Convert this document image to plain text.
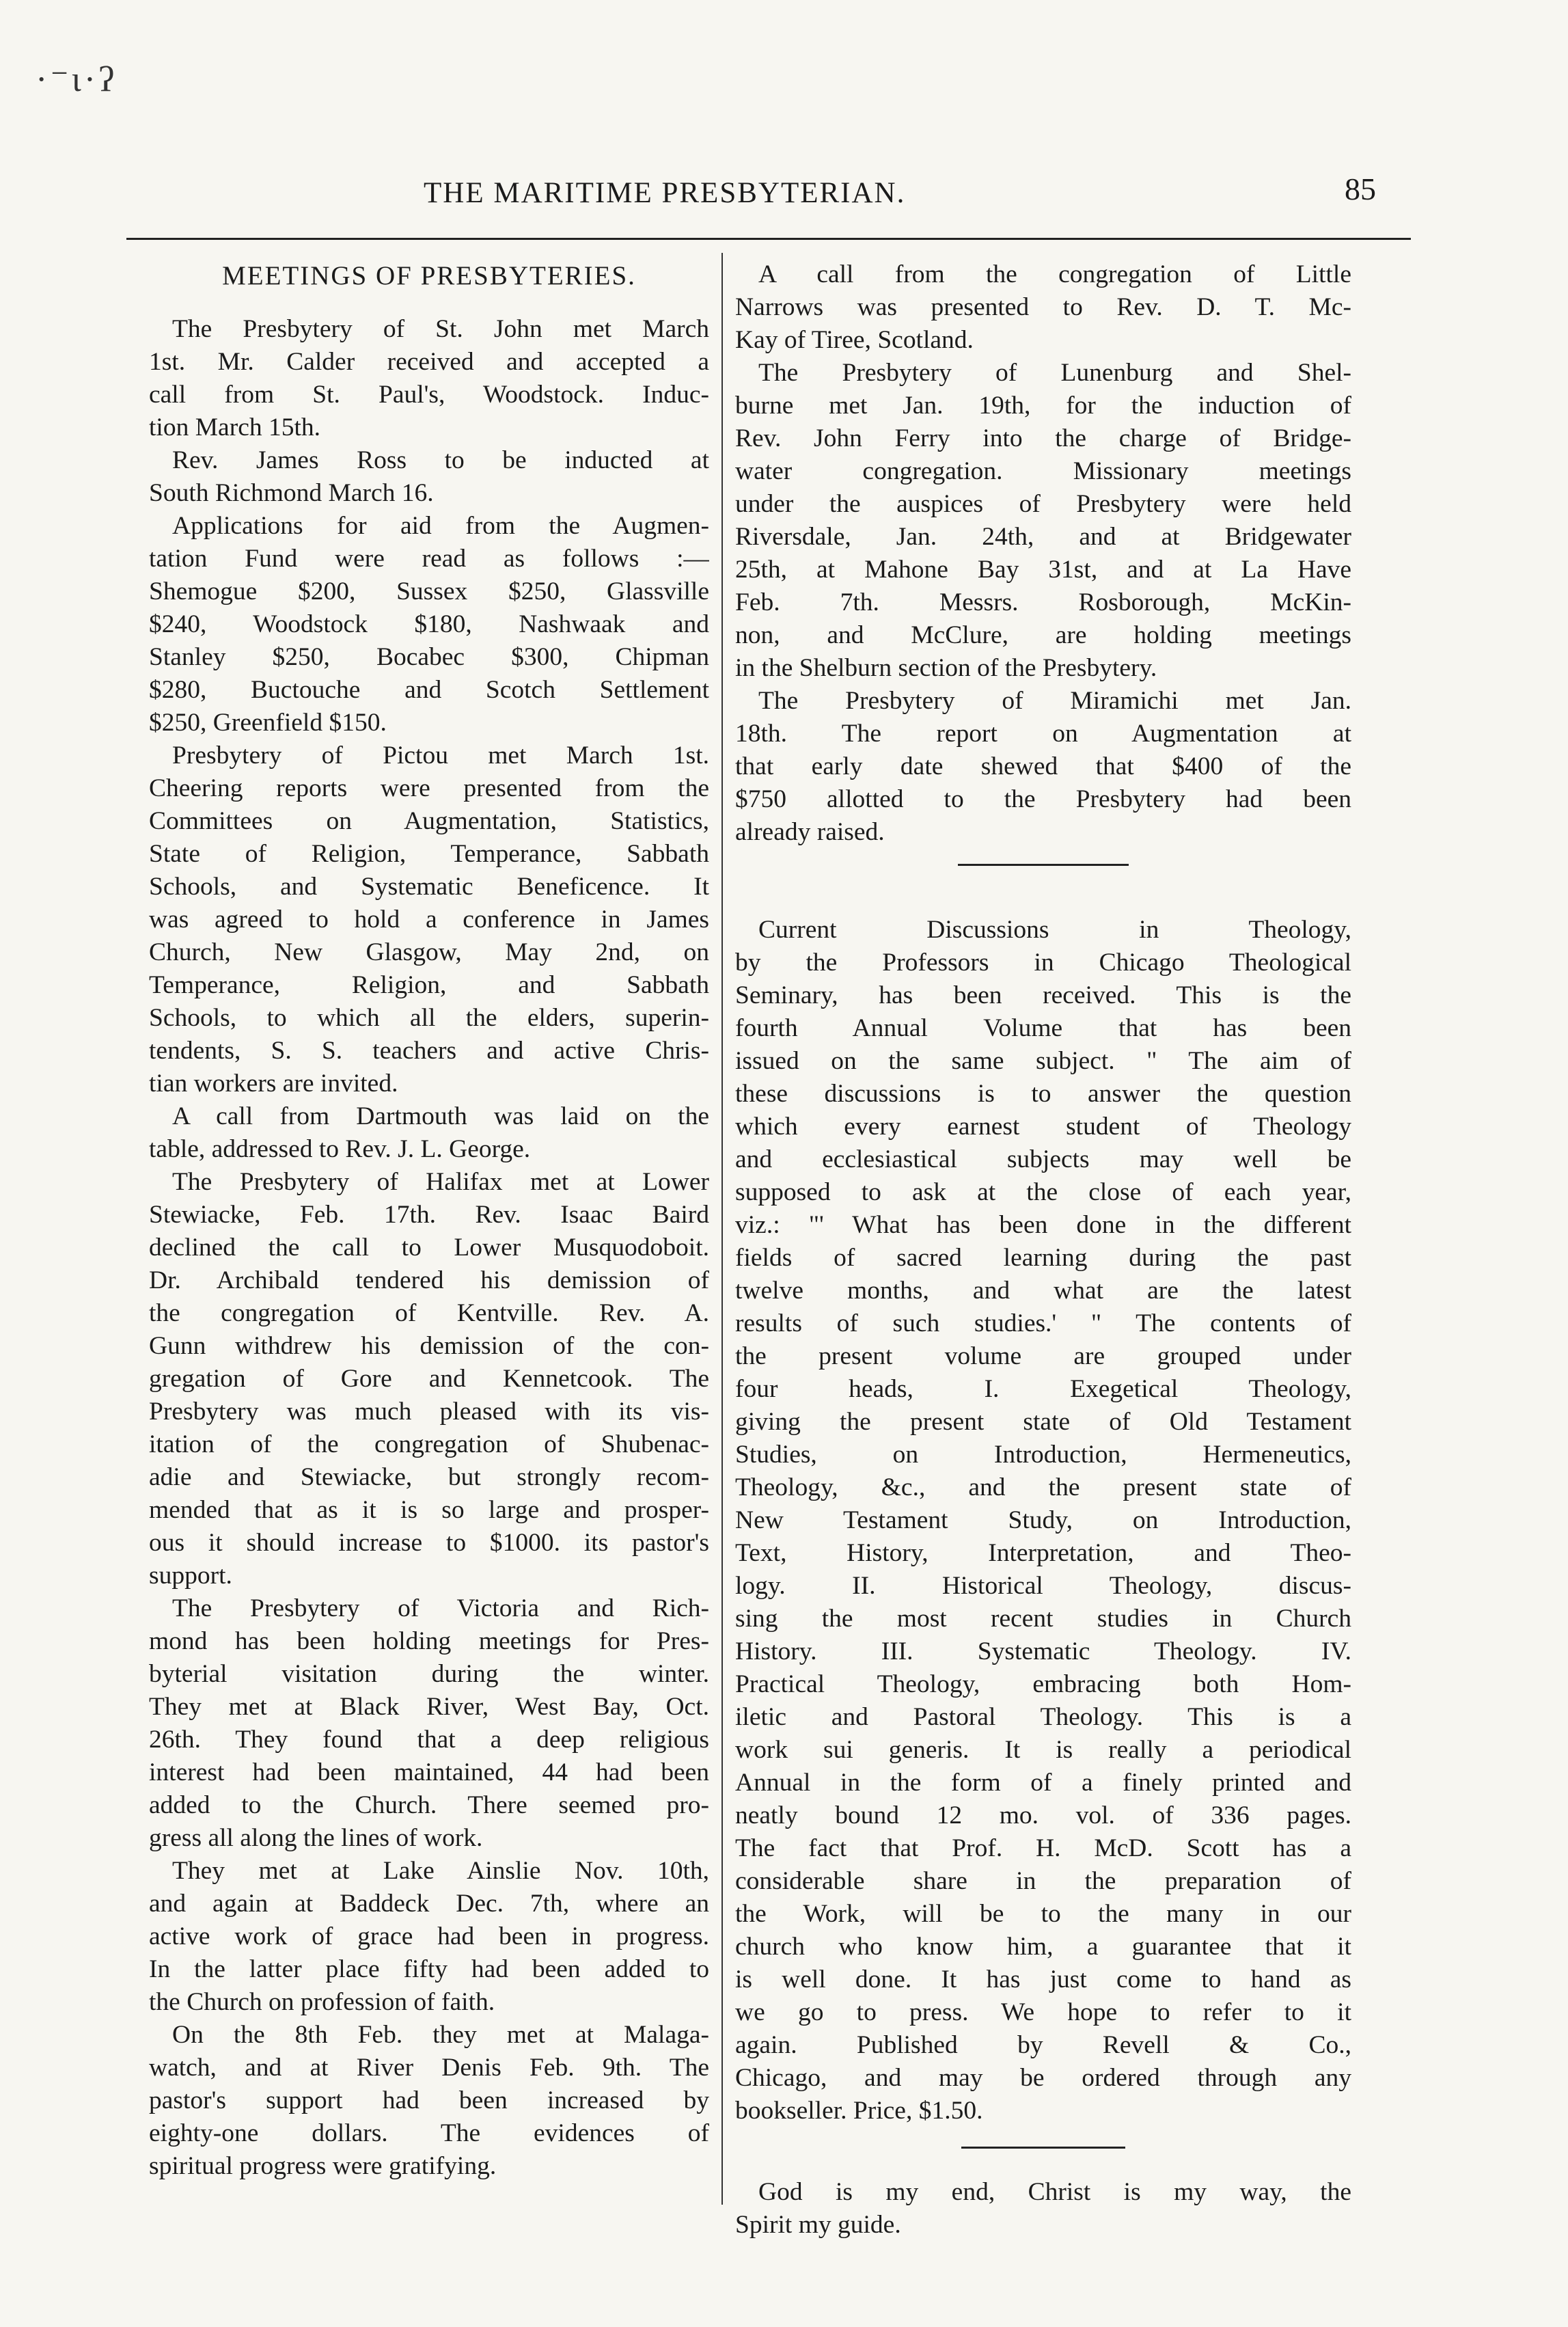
·⁻ι·ʔ
THE MARITIME PRESBYTERIAN.	85
MEETINGS OF PRESBYTERIES.
The Presbytery of St. John met March
1st. Mr. Calder received and accepted a
call from St. Paul's, Woodstock. Induc-
tion March 15th.
Rev. James Ross to be inducted at
South Richmond March 16.
Applications for aid from the Augmen-
tation Fund were read as follows :—
Shemogue $200, Sussex $250, Glassville
$240, Woodstock $180, Nashwaak and
Stanley $250, Bocabec $300, Chipman
$280, Buctouche and Scotch Settlement
$250, Greenfield $150.
Presbytery of Pictou met March 1st.
Cheering reports were presented from the
Committees on Augmentation, Statistics,
State of Religion, Temperance, Sabbath
Schools, and Systematic Beneficence. It
was agreed to hold a conference in James
Church, New Glasgow, May 2nd, on
Temperance, Religion, and Sabbath
Schools, to which all the elders, superin-
tendents, S. S. teachers and active Chris-
tian workers are invited.
A call from Dartmouth was laid on the
table, addressed to Rev. J. L. George.
The Presbytery of Halifax met at Lower
Stewiacke, Feb. 17th. Rev. Isaac Baird
declined the call to Lower Musquodoboit.
Dr. Archibald tendered his demission of
the congregation of Kentville. Rev. A.
Gunn withdrew his demission of the con-
gregation of Gore and Kennetcook. The
Presbytery was much pleased with its vis-
itation of the congregation of Shubenac-
adie and Stewiacke, but strongly recom-
mended that as it is so large and prosper-
ous it should increase to $1000. its pastor's
support.
The Presbytery of Victoria and Rich-
mond has been holding meetings for Pres-
byterial visitation during the winter.
They met at Black River, West Bay, Oct.
26th. They found that a deep religious
interest had been maintained, 44 had been
added to the Church. There seemed pro-
gress all along the lines of work.
They met at Lake Ainslie Nov. 10th,
and again at Baddeck Dec. 7th, where an
active work of grace had been in progress.
In the latter place fifty had been added to
the Church on profession of faith.
On the 8th Feb. they met at Malaga-
watch, and at River Denis Feb. 9th. The
pastor's support had been increased by
eighty-one dollars. The evidences of
spiritual progress were gratifying.
A call from the congregation of Little
Narrows was presented to Rev. D. T. Mc-
Kay of Tiree, Scotland.
The Presbytery of Lunenburg and Shel-
burne met Jan. 19th, for the induction of
Rev. John Ferry into the charge of Bridge-
water congregation. Missionary meetings
under the auspices of Presbytery were held
Riversdale, Jan. 24th, and at Bridgewater
25th, at Mahone Bay 31st, and at La Have
Feb. 7th. Messrs. Rosborough, McKin-
non, and McClure, are holding meetings
in the Shelburn section of the Presbytery.
The Presbytery of Miramichi met Jan.
18th. The report on Augmentation at
that early date shewed that $400 of the
$750 allotted to the Presbytery had been
already raised.
Current Discussions in Theology,
by the Professors in Chicago Theological
Seminary, has been received. This is the
fourth Annual Volume that has been
issued on the same subject. " The aim of
these discussions is to answer the question
which every earnest student of Theology
and ecclesiastical subjects may well be
supposed to ask at the close of each year,
viz.: "' What has been done in the different
fields of sacred learning during the past
twelve months, and what are the latest
results of such studies.' " The contents of
the present volume are grouped under
four heads, I. Exegetical Theology,
giving the present state of Old Testament
Studies, on Introduction, Hermeneutics,
Theology, &c., and the present state of
New Testament Study, on Introduction,
Text, History, Interpretation, and Theo-
logy. II. Historical Theology, discus-
sing the most recent studies in Church
History. III. Systematic Theology. IV.
Practical Theology, embracing both Hom-
iletic and Pastoral Theology. This is a
work sui generis. It is really a periodical
Annual in the form of a finely printed and
neatly bound 12 mo. vol. of 336 pages.
The fact that Prof. H. McD. Scott has a
considerable share in the preparation of
the Work, will be to the many in our
church who know him, a guarantee that it
is well done. It has just come to hand as
we go to press. We hope to refer to it
again. Published by Revell & Co.,
Chicago, and may be ordered through any
bookseller. Price, $1.50.
God is my end, Christ is my way, the
Spirit my guide.
